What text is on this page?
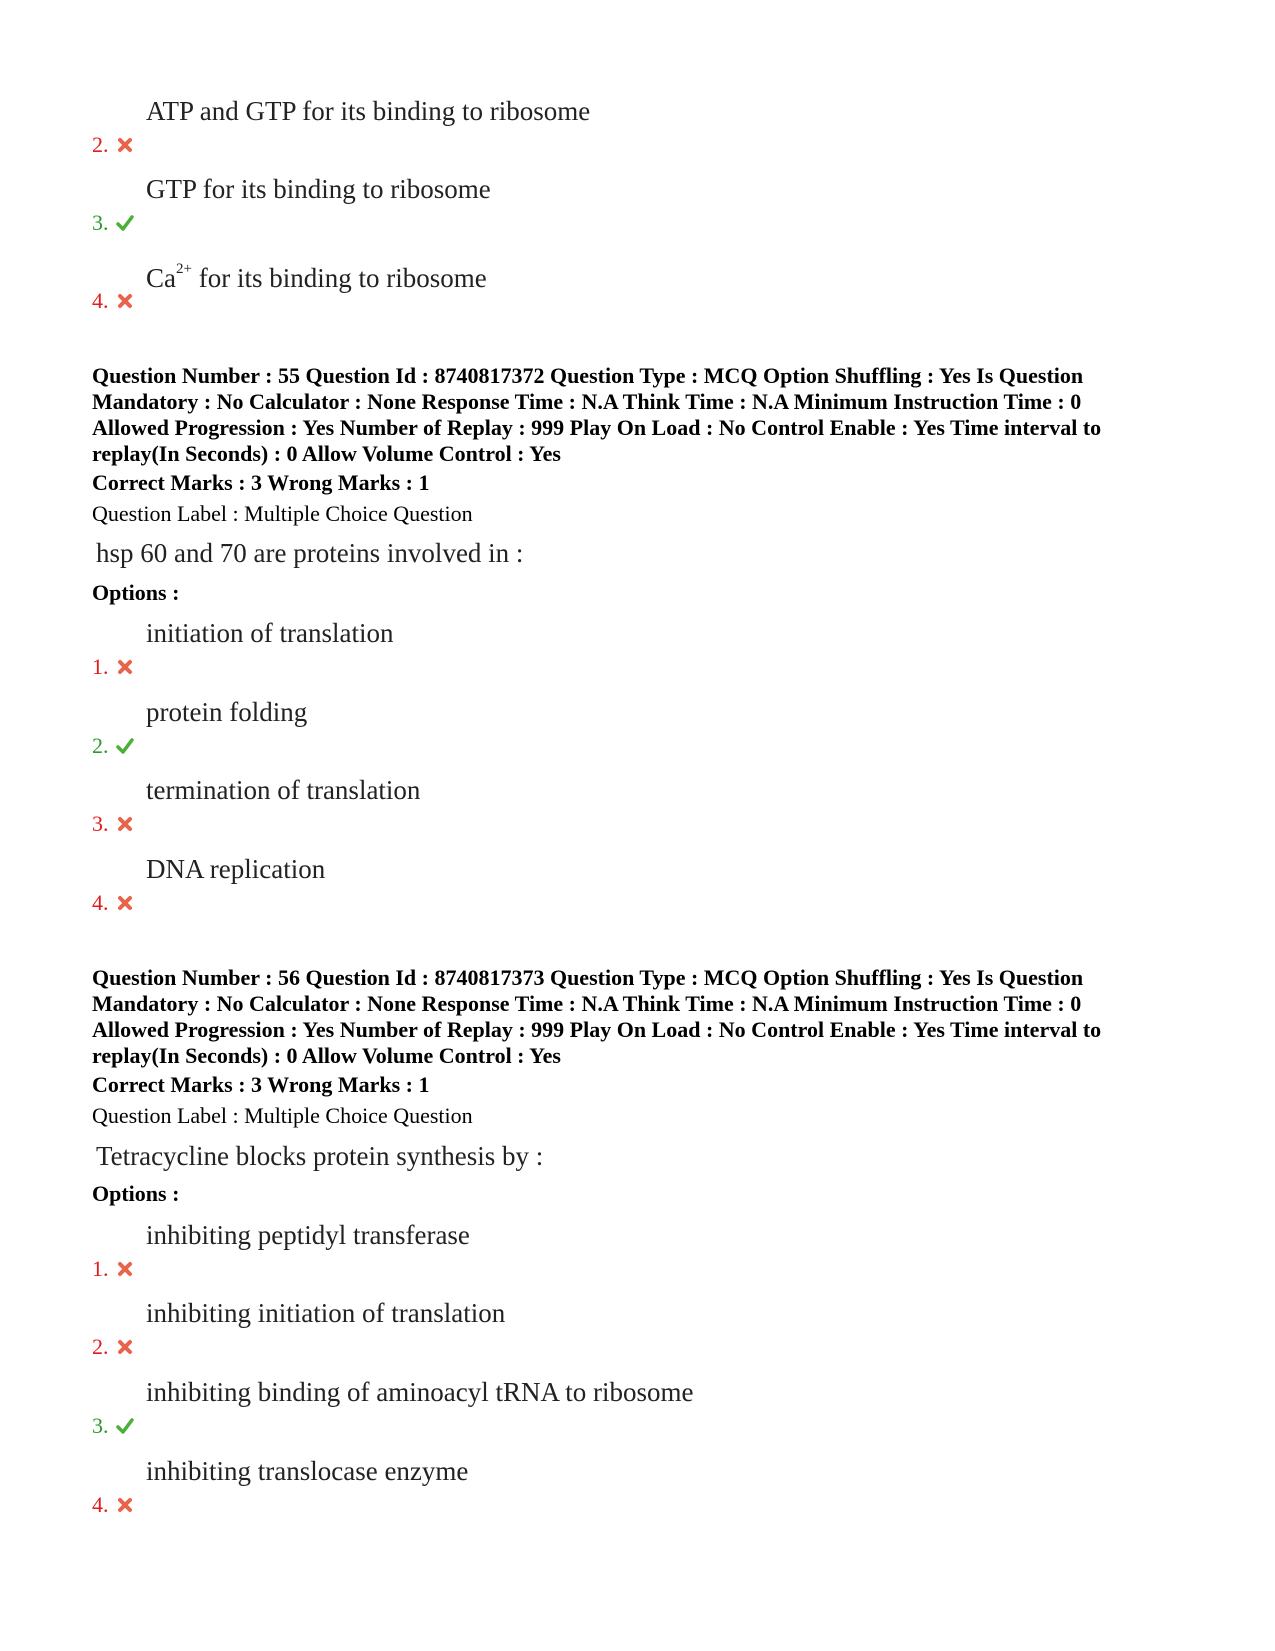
2.
ATP and GTP for its binding to ribosome
3.
GTP for its binding to ribosome
4.
$Ca^{2+}$ for its binding to ribosome
Question Number : 55 Question Id : 8740817372 Question Type : MCQ Option Shuffling : Yes Is Question Mandatory : No Calculator : None Response Time : N.A Think Time : N.A Minimum Instruction Time : 0 Allowed Progression : Yes Number of Replay : 999 Play On Load : No Control Enable : Yes Time interval to replay(In Seconds) : 0 Allow Volume Control : Yes
Correct Marks : 3 Wrong Marks : 1
Question Label : Multiple Choice Question
hsp 60 and 70 are proteins involved in :
Options :
1.
initiation of translation
2.
protein folding
3.
termination of translation
4.
DNA replication
Question Number : 56 Question Id : 8740817373 Question Type : MCQ Option Shuffling : Yes Is Question Mandatory : No Calculator : None Response Time : N.A Think Time : N.A Minimum Instruction Time : 0 Allowed Progression : Yes Number of Replay : 999 Play On Load : No Control Enable : Yes Time interval to replay(In Seconds) : 0 Allow Volume Control : Yes
Correct Marks : 3 Wrong Marks : 1
Question Label : Multiple Choice Question
Tetracycline blocks protein synthesis by :
Options :
1.
inhibiting peptidyl transferase
2.
inhibiting initiation of translation
3.
inhibiting binding of aminoacyl tRNA to ribosome
4.
inhibiting translocase enzyme
